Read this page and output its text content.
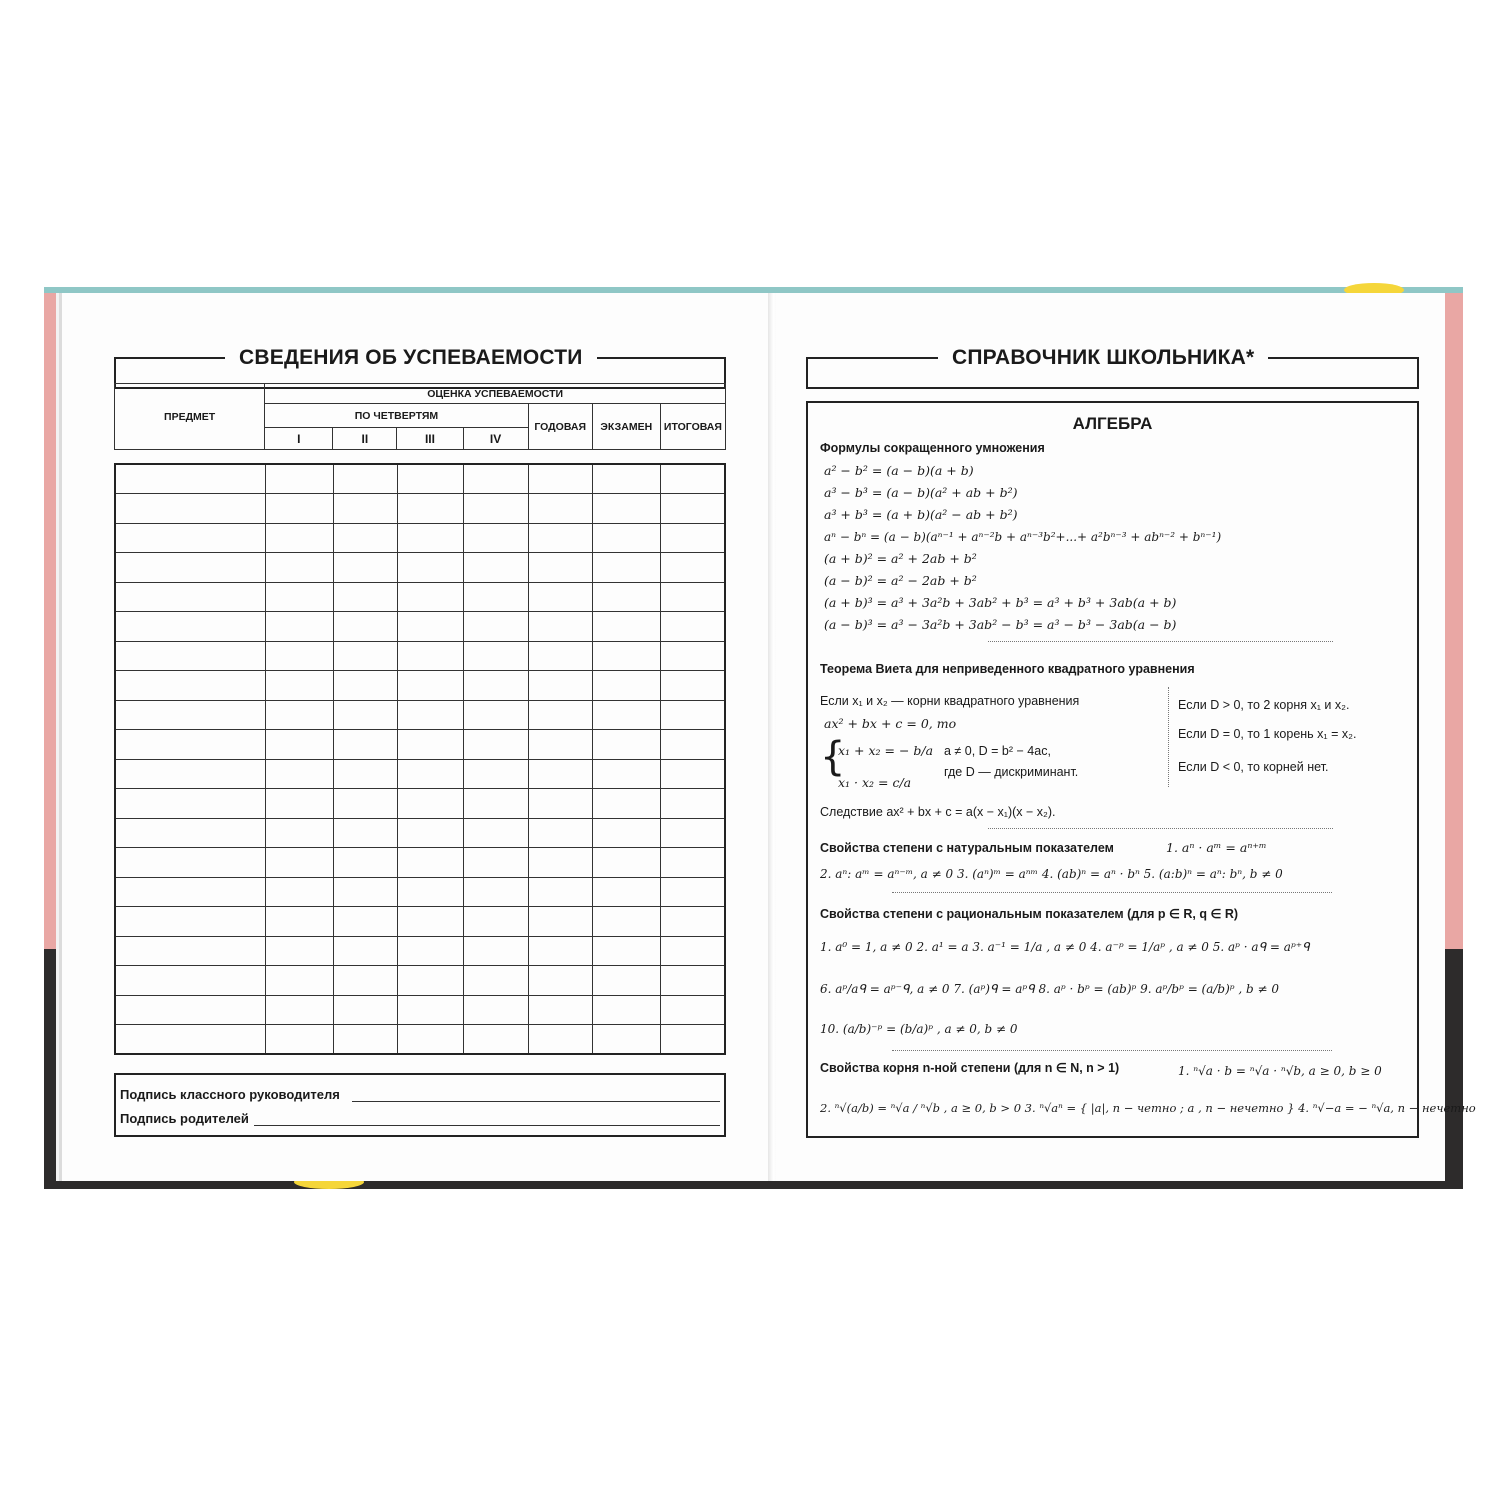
СВЕДЕНИЯ ОБ УСПЕВАЕМОСТИ
ПРЕДМЕТ	ОЦЕНКА УСПЕВАЕМОСТИ						
	ПО ЧЕТВЕРТЯМ				ГОДОВАЯ	ЭКЗАМЕН	ИТОГОВАЯ
	I	II	III	IV			

Подпись классного руководителя
Подпись родителей
СПРАВОЧНИК ШКОЛЬНИКА*
АЛГЕБРА
Формулы сокращенного умножения
a² − b² = (a − b)(a + b)
a³ − b³ = (a − b)(a² + ab + b²)
a³ + b³ = (a + b)(a² − ab + b²)
aⁿ − bⁿ = (a − b)(aⁿ⁻¹ + aⁿ⁻²b + aⁿ⁻³b²+...+ a²bⁿ⁻³ + abⁿ⁻² + bⁿ⁻¹)
(a + b)² = a² + 2ab + b²
(a − b)² = a² − 2ab + b²
(a + b)³ = a³ + 3a²b + 3ab² + b³ = a³ + b³ + 3ab(a + b)
(a − b)³ = a³ − 3a²b + 3ab² − b³ = a³ − b³ − 3ab(a − b)
Теорема Виета для неприведенного квадратного уравнения
Если x₁ и x₂ — корни квадратного уравнения
ax² + bx + c = 0, то
{
x₁ + x₂ = − b/a
x₁ · x₂ = c/a
a ≠ 0, D = b² − 4ac,
где D — дискриминант.
Если D > 0, то 2 корня x₁ и x₂.
Если D = 0, то 1 корень x₁ = x₂.
Если D < 0, то корней нет.
Следствие ax² + bx + c = a(x − x₁)(x − x₂).
Свойства степени с натуральным показателем	1. aⁿ · aᵐ = aⁿ⁺ᵐ
2. aⁿ: aᵐ = aⁿ⁻ᵐ, a ≠ 0 3. (aⁿ)ᵐ = aⁿᵐ 4. (ab)ⁿ = aⁿ · bⁿ 5. (a:b)ⁿ = aⁿ: bⁿ, b ≠ 0
Свойства степени с рациональным показателем (для p ∈ R, q ∈ R)
1. a⁰ = 1, a ≠ 0 2. a¹ = a 3. a⁻¹ = 1/a , a ≠ 0 4. a⁻ᵖ = 1/aᵖ , a ≠ 0 5. aᵖ · aᑫ = aᵖ⁺ᑫ
6. aᵖ/aᑫ = aᵖ⁻ᑫ, a ≠ 0 7. (aᵖ)ᑫ = aᵖᑫ 8. aᵖ · bᵖ = (ab)ᵖ 9. aᵖ/bᵖ = (a/b)ᵖ , b ≠ 0
10. (a/b)⁻ᵖ = (b/a)ᵖ , a ≠ 0, b ≠ 0
Свойства корня n-ной степени (для n ∈ N, n > 1)	1. ⁿ√a · b = ⁿ√a · ⁿ√b, a ≥ 0, b ≥ 0
2. ⁿ√(a/b) = ⁿ√a / ⁿ√b , a ≥ 0, b > 0 3. ⁿ√aⁿ = { |a|, n − четно ; a , n − нечетно } 4. ⁿ√−a = − ⁿ√a, n − нечетно
